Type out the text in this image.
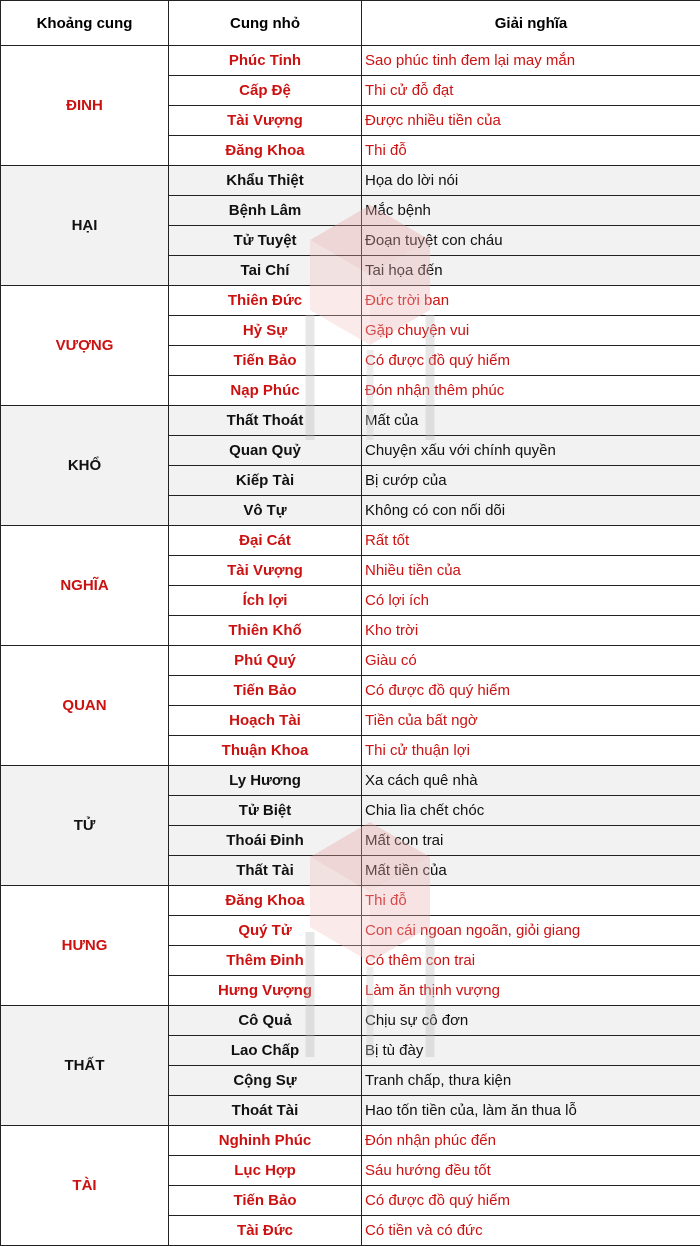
Khoảng cung	Cung nhỏ	Giải nghĩa
ĐINH	Phúc Tinh	Sao phúc tinh đem lại may mắn
	Cấp Đệ	Thi cử đỗ đạt
	Tài Vượng	Được nhiều tiền của
	Đăng Khoa	Thi đỗ
HẠI	Khẩu Thiệt	Họa do lời nói
	Bệnh Lâm	Mắc bệnh
	Tử Tuyệt	Đoạn tuyệt con cháu
	Tai Chí	Tai họa đến
VƯỢNG	Thiên Đức	Đức trời ban
	Hỷ Sự	Gặp chuyện vui
	Tiến Bảo	Có được đồ quý hiếm
	Nạp Phúc	Đón nhận thêm phúc
KHỔ	Thất Thoát	Mất của
	Quan Quỷ	Chuyện xấu với chính quyền
	Kiếp Tài	Bị cướp của
	Vô Tự	Không có con nối dõi
NGHĨA	Đại Cát	Rất tốt
	Tài Vượng	Nhiều tiền của
	Ích lợi	Có lợi ích
	Thiên Khố	Kho trời
QUAN	Phú Quý	Giàu có
	Tiến Bảo	Có được đồ quý hiếm
	Hoạch Tài	Tiền của bất ngờ
	Thuận Khoa	Thi cử thuận lợi
TỬ	Ly Hương	Xa cách quê nhà
	Tử Biệt	Chia lìa chết chóc
	Thoái Đinh	Mất con trai
	Thất Tài	Mất tiền của
HƯNG	Đăng Khoa	Thi đỗ
	Quý Tử	Con cái ngoan ngoãn, giỏi giang
	Thêm Đinh	Có thêm con trai
	Hưng Vượng	Làm ăn thịnh vượng
THẤT	Cô Quả	Chịu sự cô đơn
	Lao Chấp	Bị tù đày
	Cộng Sự	Tranh chấp, thưa kiện
	Thoát Tài	Hao tốn tiền của, làm ăn thua lỗ
TÀI	Nghinh Phúc	Đón nhận phúc đến
	Lục Hợp	Sáu hướng đều tốt
	Tiến Bảo	Có được đồ quý hiếm
	Tài Đức	Có tiền và có đức
